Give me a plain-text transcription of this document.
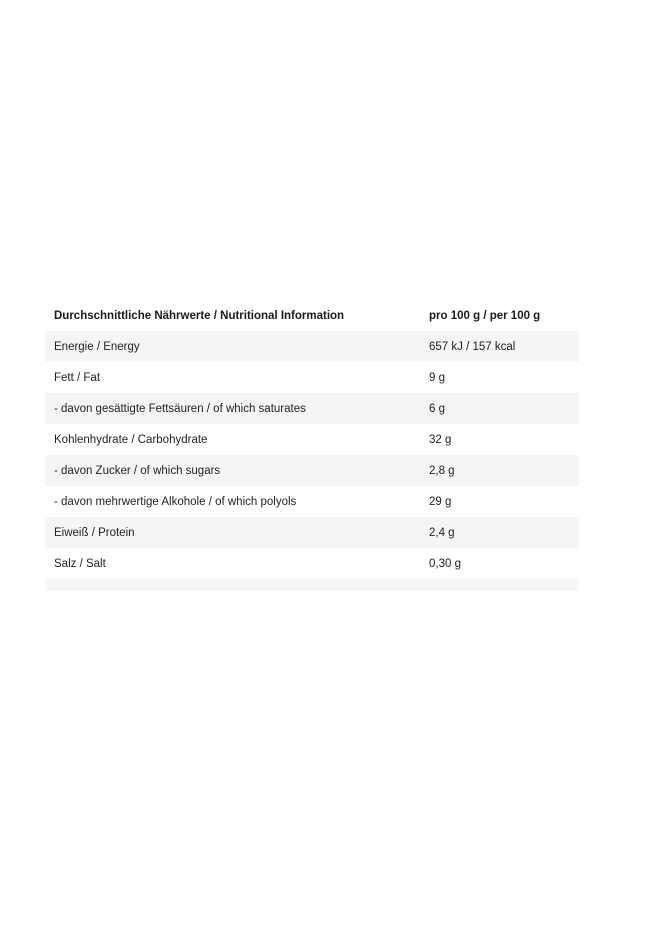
Durchschnittliche Nährwerte / Nutritional Information	pro 100 g / per 100 g
Energie / Energy	657 kJ / 157 kcal
Fett / Fat	9 g
- davon gesättigte Fettsäuren / of which saturates	6 g
Kohlenhydrate / Carbohydrate	32 g
- davon Zucker / of which sugars	2,8 g
- davon mehrwertige Alkohole / of which polyols	29 g
Eiweiß / Protein	2,4 g
Salz / Salt	0,30 g
